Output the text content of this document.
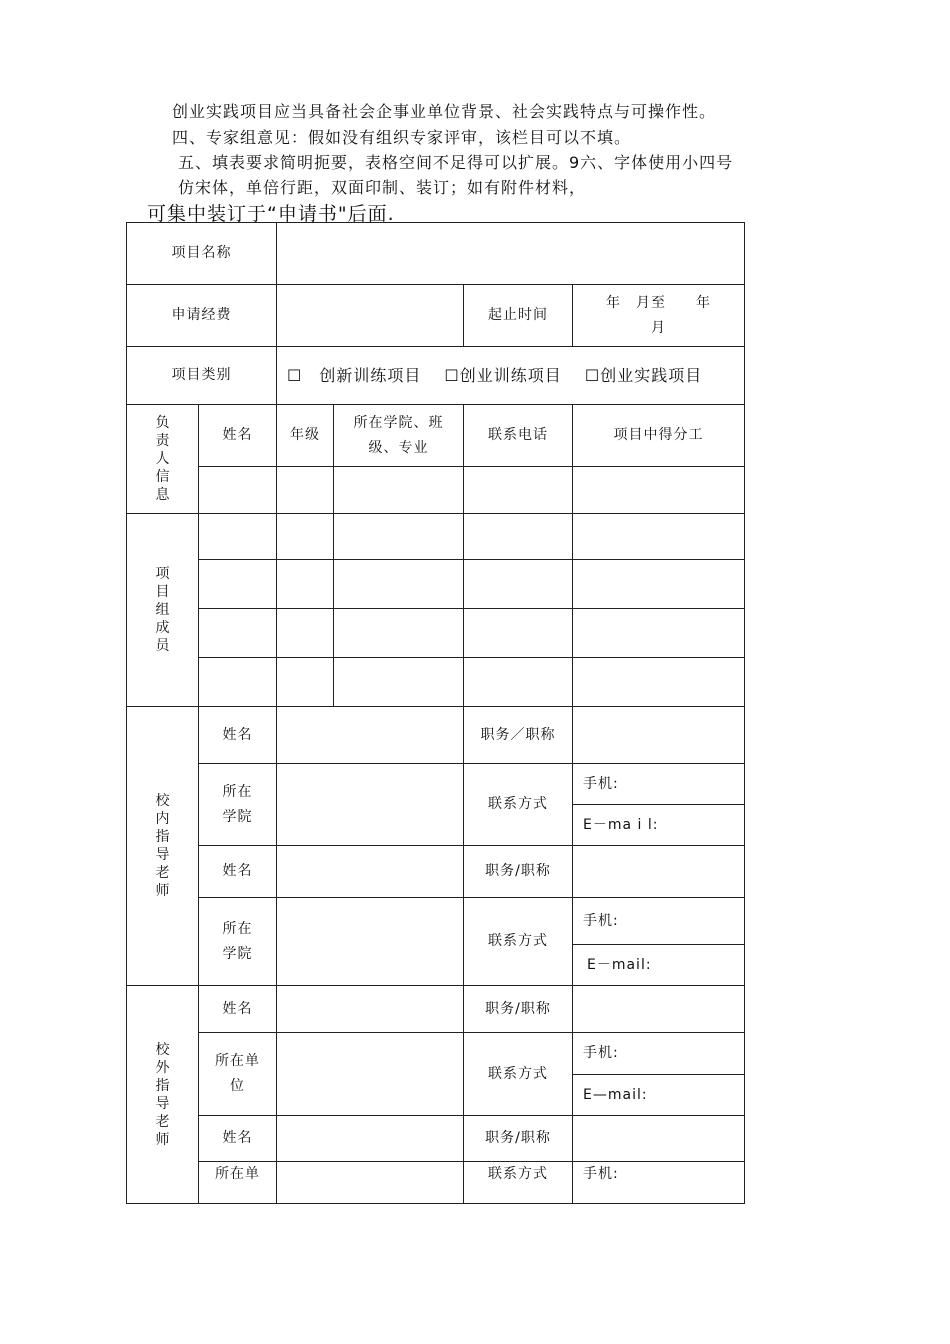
创业实践项目应当具备社会企事业单位背景、社会实践特点与可操作性。
四、专家组意见：假如没有组织专家评审，该栏目可以不填。
五、填表要求简明扼要，表格空间不足得可以扩展。9六、字体使用小四号
仿宋体，单倍行距，双面印制、装订；如有附件材料，
可集中装订于“申请书"后面.
项目名称					
申请经费				起止时间	年　月至　　年
月

项目类别		☐　创新训练项目　 ☐创业训练项目　 ☐创业实践项目			

负责人信息	姓名	年级	所在学院、班级、专业	联系电话	项目中得分工

项目组成员					

校内指导老师	姓名			职务／职称	

	所在学院			联系方式	手机:
					E－ma i l:
	姓名			职务/职称	

	所在学院			联系方式	手机:
					E－mail:

校外指导老师	姓名			职务/职称	

	所在单位			联系方式	手机:
					E—mail:
	姓名			职务/职称	
	所在单			联系方式	手机:
